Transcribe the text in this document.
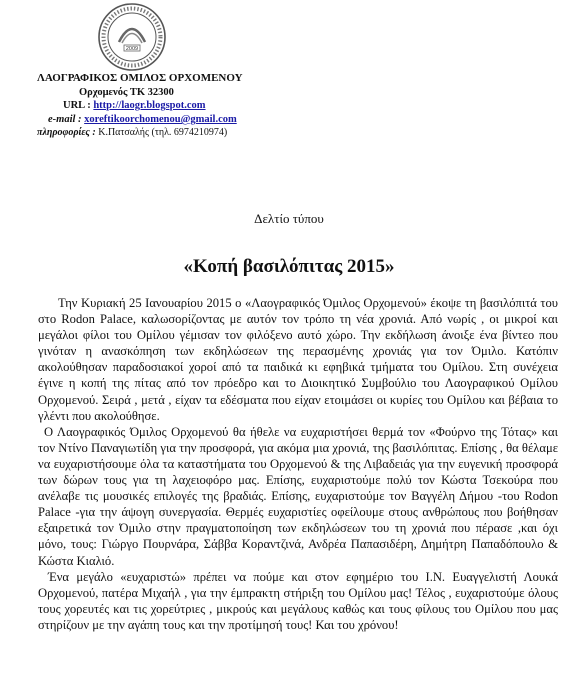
2009
ΛΑΟΓΡΑΦΙΚΟΣ ΟΜΙΛΟΣ ΟΡΧΟΜΕΝΟΥ
Ορχομενός ΤΚ 32300
URL : http://laogr.blogspot.com
e-mail : xoreftikoorchomenou@gmail.com
πληροφορίες : Κ.Πατσαλής (τηλ. 6974210974)
Δελτίο τύπου
«Κοπή βασιλόπιτας 2015»

Την Κυριακή 25 Ιανουαρίου 2015 ο «Λαογραφικός Όμιλος Ορχομενού» έκοψε τη βασιλόπιτά του στο Rodon Palace, καλωσορίζοντας με αυτόν τον τρόπο τη νέα χρονιά. Από νωρίς , οι μικροί και μεγάλοι φίλοι του Ομίλου γέμισαν τον φιλόξενο αυτό χώρο. Την εκδήλωση άνοιξε ένα βίντεο που γινόταν η ανασκόπηση των εκδηλώσεων της περασμένης χρονιάς για τον Όμιλο. Κατόπιν ακολούθησαν παραδοσιακοί χοροί από τα παιδικά κι εφηβικά τμήματα του Ομίλου. Στη συνέχεια έγινε η κοπή της πίτας από τον πρόεδρο και το Διοικητικό Συμβούλιο του Λαογραφικού Ομίλου Ορχομενού. Σειρά , μετά , είχαν τα εδέσματα που είχαν ετοιμάσει οι κυρίες του Ομίλου και βέβαια το γλέντι που ακολούθησε.

Ο Λαογραφικός Όμιλος Ορχομενού θα ήθελε να ευχαριστήσει θερμά τον «Φούρνο της Τότας» και τον Ντίνο Παναγιωτίδη για την προσφορά, για ακόμα μια χρονιά, της βασιλόπιτας. Επίσης , θα θέλαμε να ευχαριστήσουμε όλα τα καταστήματα του Ορχομενού & της Λιβαδειάς για την ευγενική προσφορά των δώρων τους για τη λαχειοφόρο μας. Επίσης, ευχαριστούμε πολύ τον Κώστα Τσεκούρα που ανέλαβε τις μουσικές επιλογές της βραδιάς. Επίσης, ευχαριστούμε τον Βαγγέλη Δήμου -του Rodon Palace -για την άψογη συνεργασία. Θερμές ευχαριστίες οφείλουμε στους ανθρώπους που βοήθησαν εξαιρετικά τον Όμιλο στην πραγματοποίηση των εκδηλώσεων του τη χρονιά που πέρασε ,και όχι μόνο, τους: Γιώργο Πουρνάρα, Σάββα Κοραντζινά, Ανδρέα Παπασιδέρη, Δημήτρη Παπαδόπουλο & Κώστα Κιαλιό.

Ένα μεγάλο «ευχαριστώ» πρέπει να πούμε και στον εφημέριο του Ι.Ν. Ευαγγελιστή Λουκά Ορχομενού, πατέρα Μιχαήλ , για την έμπρακτη στήριξη του Ομίλου μας! Τέλος , ευχαριστούμε όλους τους χορευτές και τις χορεύτριες , μικρούς και μεγάλους καθώς και τους φίλους του Ομίλου που μας στηρίζουν με την αγάπη τους και την προτίμησή τους! Και του χρόνου!
